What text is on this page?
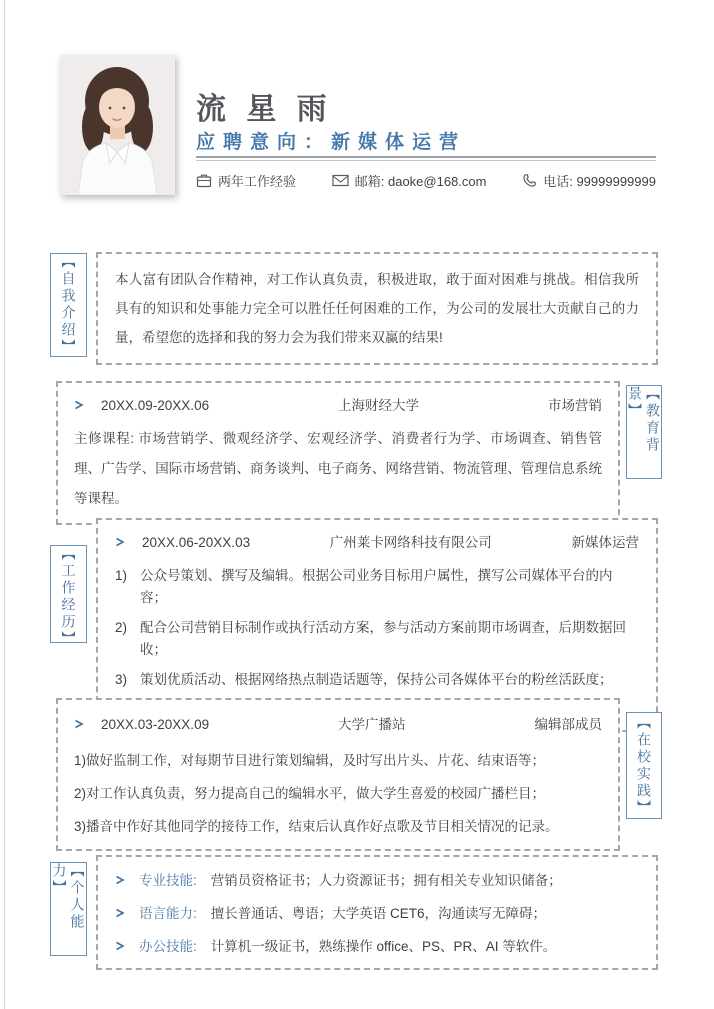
流 星 雨
应聘意向：新媒体运营
两年工作经验	邮箱: daoke@168.com	电话: 99999999999
【自我介绍】	本人富有团队合作精神，对工作认真负责，积极进取，敢于面对困难与挑战。相信我所具有的知识和处事能力完全可以胜任任何困难的工作，为公司的发展壮大贡献自己的力量，希望您的选择和我的努力会为我们带来双赢的结果!

20XX.09-20XX.06	上海财经大学	市场营销

主修课程: 市场营销学、微观经济学、宏观经济学、消费者行为学、市场调查、销售管理、广告学、国际市场营销、商务谈判、电子商务、网络营销、物流管理、管理信息系统等课程。

【教育背景】
【工作经历】
20XX.06-20XX.03	广州莱卡网络科技有限公司	新媒体运营
1) 公众号策划、撰写及编辑。根据公司业务目标用户属性，撰写公司媒体平台的内容；
2) 配合公司营销目标制作或执行活动方案，参与活动方案前期市场调查，后期数据回收；
3) 策划优质活动、根据网络热点制造话题等，保持公司各媒体平台的粉丝活跃度；
20XX.03-20XX.09	大学广播站	编辑部成员
1)做好监制工作，对每期节目进行策划编辑，及时写出片头、片花、结束语等；
2)对工作认真负责，努力提高自己的编辑水平，做大学生喜爱的校园广播栏目；
3)播音中作好其他同学的接待工作，结束后认真作好点歌及节目相关情况的记录。
【在校实践】
【个人能力】	专业技能: 营销员资格证书；人力资源证书；拥有相关专业知识储备；
语言能力: 擅长普通话、粤语；大学英语 CET6，沟通读写无障碍；
办公技能: 计算机一级证书，熟练操作 office、PS、PR、AI 等软件。
